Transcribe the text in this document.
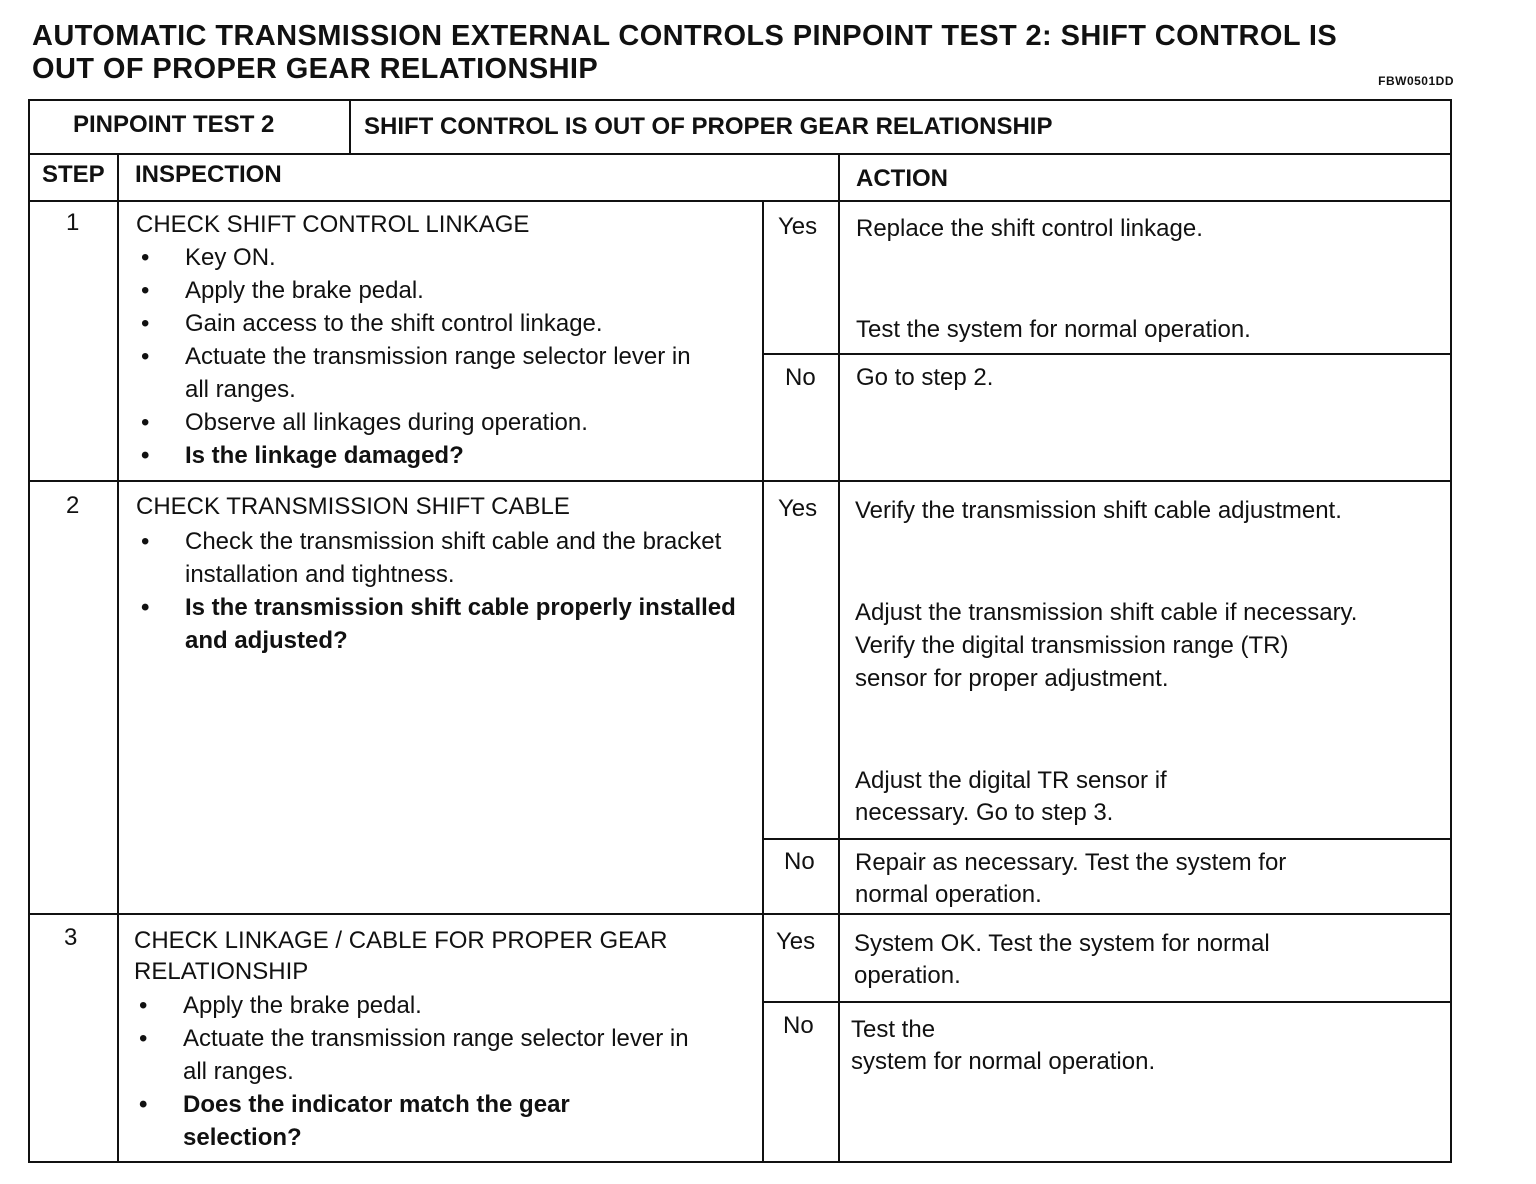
AUTOMATIC TRANSMISSION EXTERNAL CONTROLS PINPOINT TEST 2: SHIFT CONTROL IS
OUT OF PROPER GEAR RELATIONSHIP	FBW0501DD
PINPOINT TEST 2	SHIFT CONTROL IS OUT OF PROPER GEAR RELATIONSHIP
STEP INSPECTION	ACTION
1 CHECK SHIFT CONTROL LINKAGE
• Key ON.
• Apply the brake pedal.
• Gain access to the shift control linkage.
• Actuate the transmission range selector lever in all ranges.
• Observe all linkages during operation.
• Is the linkage damaged?
Yes Replace the shift control linkage.
Test the system for normal operation.
No Go to step 2.
2 CHECK TRANSMISSION SHIFT CABLE
• Check the transmission shift cable and the bracket installation and tightness.
• Is the transmission shift cable properly installed and adjusted?
Yes Verify the transmission shift cable adjustment.
Adjust the transmission shift cable if necessary.
Verify the digital transmission range (TR)
sensor for proper adjustment.
Adjust the digital TR sensor if
necessary. Go to step 3.
No Repair as necessary. Test the system for
normal operation.
3 CHECK LINKAGE / CABLE FOR PROPER GEAR
RELATIONSHIP
• Apply the brake pedal.
• Actuate the transmission range selector lever in all ranges.
• Does the indicator match the gear selection?
Yes System OK. Test the system for normal
operation.
No Test the
system for normal operation.
